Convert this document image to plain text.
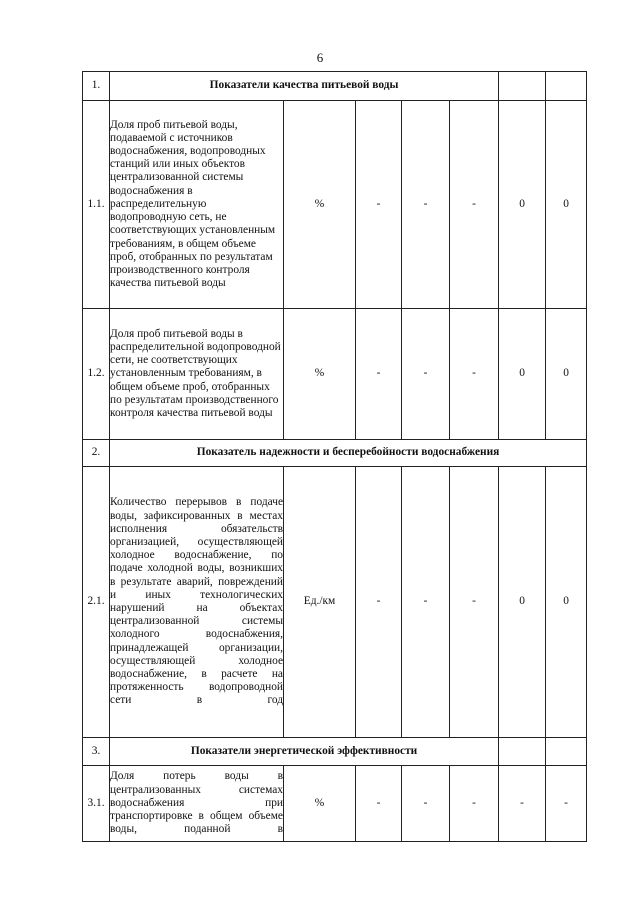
6
1.	Показатели качества питьевой воды						
1.1.	Доля проб питьевой воды, подаваемой с источников водоснабжения, водопроводных станций или иных объектов централизованной системы водоснабжения в распределительную водопроводную сеть, не соответствующих установленным требованиям, в общем объеме проб, отобранных по результатам производственного контроля качества питьевой воды	%	-	-	-	0	0
1.2.	Доля проб питьевой воды в распределительной водопроводной сети, не соответствующих установленным требованиям, в общем объеме проб, отобранных по результатам производственного контроля качества питьевой воды	%	-	-	-	0	0
2.	Показатель надежности и бесперебойности водоснабжения						
2.1.	Количество перерывов в подаче воды, зафиксированных в местах исполнения обязательств организацией, осуществляющей холодное водоснабжение, по подаче холодной воды, возникших в результате аварий, повреждений и иных технологических нарушений на объектах централизованной системы холодного водоснабжения, принадлежащей организации, осуществляющей холодное водоснабжение, в расчете на протяженность водопроводной сети в год	Ед./км	-	-	-	0	0
3.	Показатели энергетической эффективности						
3.1.	Доля потерь воды в централизованных системах водоснабжения при транспортировке в общем объеме воды, поданной в	%	-	-	-	-	-
